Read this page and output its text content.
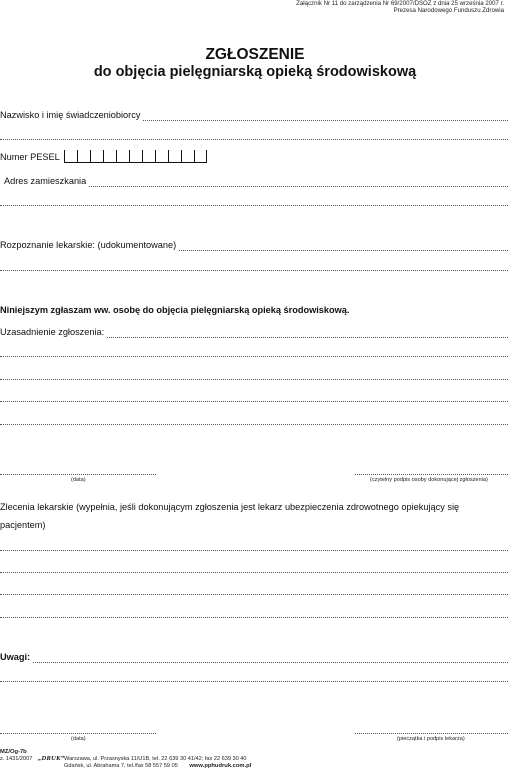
Załącznik Nr 11 do zarządzenia Nr 69/2007/DSOZ z dnia 25 września 2007 r.
Prezesa Narodowego Funduszu Zdrowia
ZGŁOSZENIE
do objęcia pielęgniarską opieką środowiskową
Nazwisko i imię świadczeniobiorcy
Numer PESEL
Adres zamieszkania
Rozpoznanie lekarskie: (udokumentowane)
Niniejszym zgłaszam ww. osobę do objęcia pielęgniarską opieką środowiskową.
Uzasadnienie zgłoszenia:
(data)	(czytelny podpis osoby dokonującej zgłoszenia)
Zlecenia lekarskie (wypełnia, jeśli dokonującym zgłoszenia jest lekarz ubezpieczenia zdrowotnego opiekujący się
pacjentem)
Uwagi:
(data)	(pieczątka i podpis lekarza)
MZ/Og-7b
z. 1431/2007 „DRUK” Warszawa, ul. Przasnyska 11/U1B, tel. 22 639 30 41/42; fax 22 639 30 40
Gdańsk, ul. Abrahama 7, tel./fax 58 557 59 05 www.pphudruk.com.pl
